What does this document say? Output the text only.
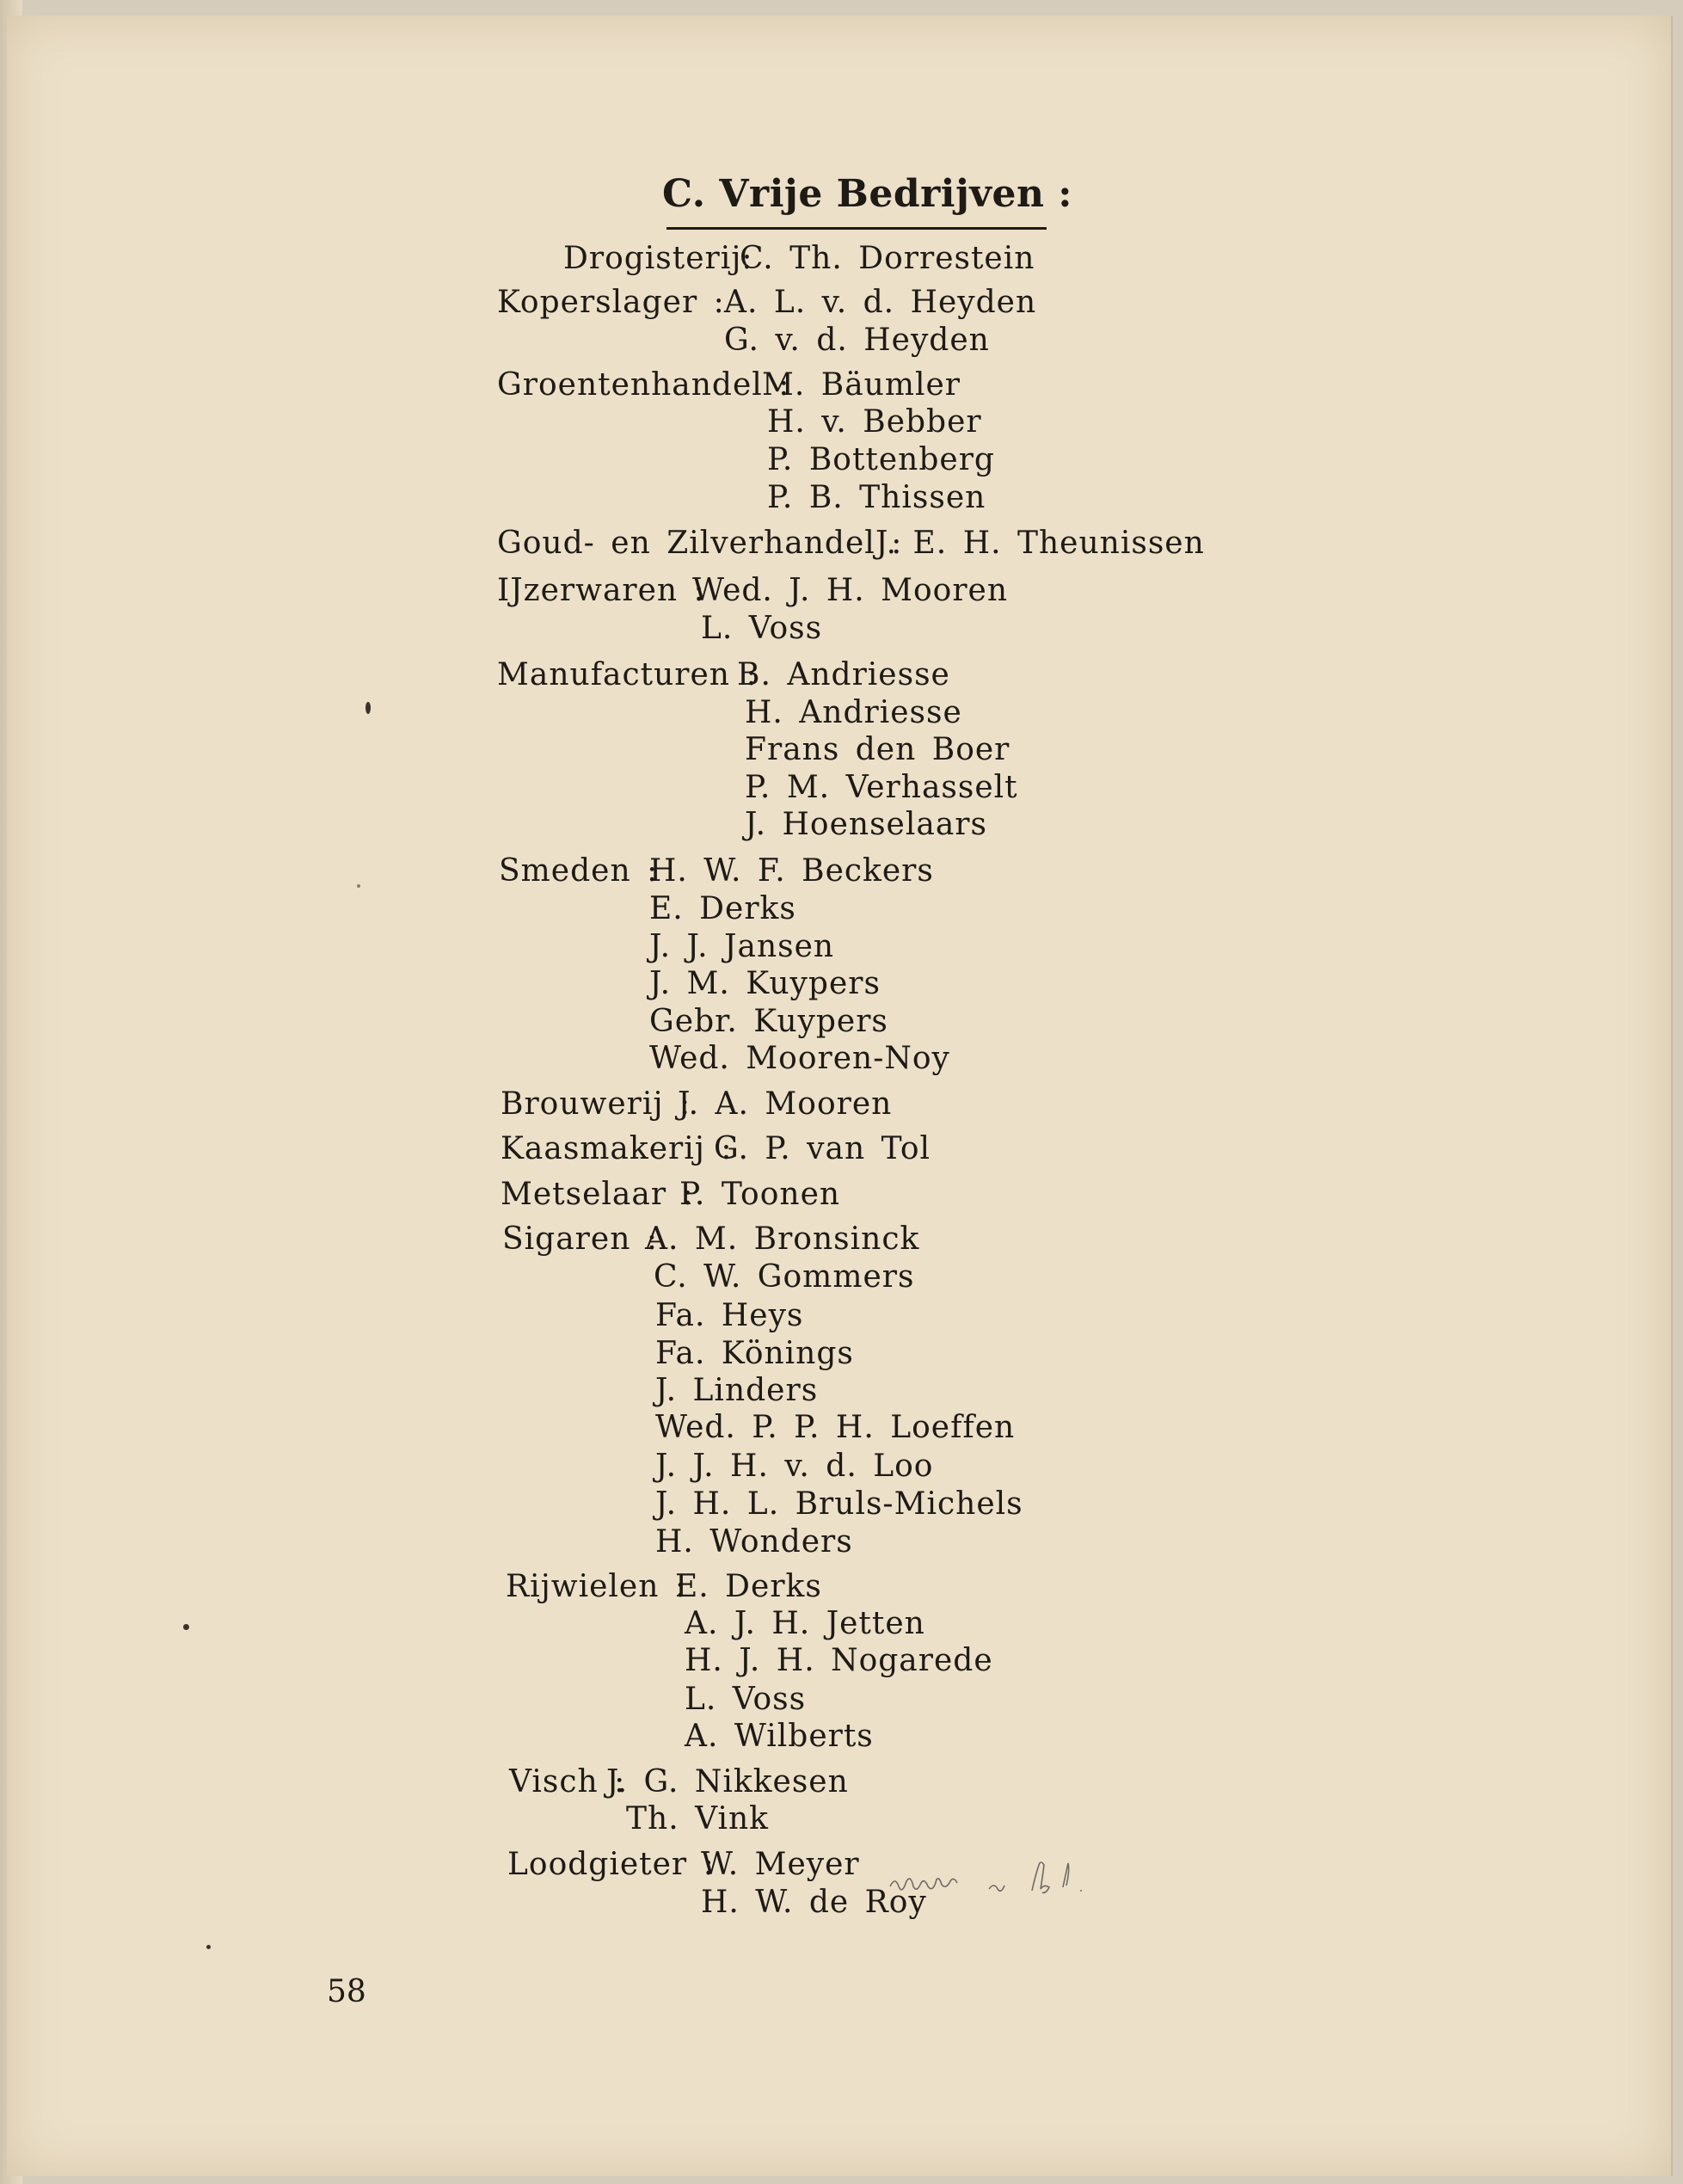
C. Vrije Bedrijven :
Drogisterij:
C. Th. Dorrestein
Koperslager : A. L. v. d. Heyden
G. v. d. Heyden
Groentenhandel :
M. Bäumler
H. v. Bebber
P. Bottenberg
P. B. Thissen
Goud- en Zilverhandel :
J. E. H. Theunissen
IJzerwaren :
Wed. J. H. Mooren
L. Voss
Manufacturen :
B. Andriesse
H. Andriesse
Frans den Boer
P. M. Verhasselt
J. Hoenselaars
Smeden :
H. W. F. Beckers
E. Derks
J. J. Jansen
J. M. Kuypers
Gebr. Kuypers
Wed. Mooren-Noy
Brouwerij :
J. A. Mooren
Kaasmakerij :
G. P. van Tol
Metselaar :
P. Toonen
Sigaren :
A. M. Bronsinck
C. W. Gommers
Fa. Heys
Fa. Könings
J. Linders
Wed. P. P. H. Loeffen
J. J. H. v. d. Loo
J. H. L. Bruls-Michels
H. Wonders
Rijwielen :
E. Derks
A. J. H. Jetten
H. J. H. Nogarede
L. Voss
A. Wilberts
Visch :
J. G. Nikkesen
Th. Vink
Loodgieter :
W. Meyer
H. W. de Roy
58
